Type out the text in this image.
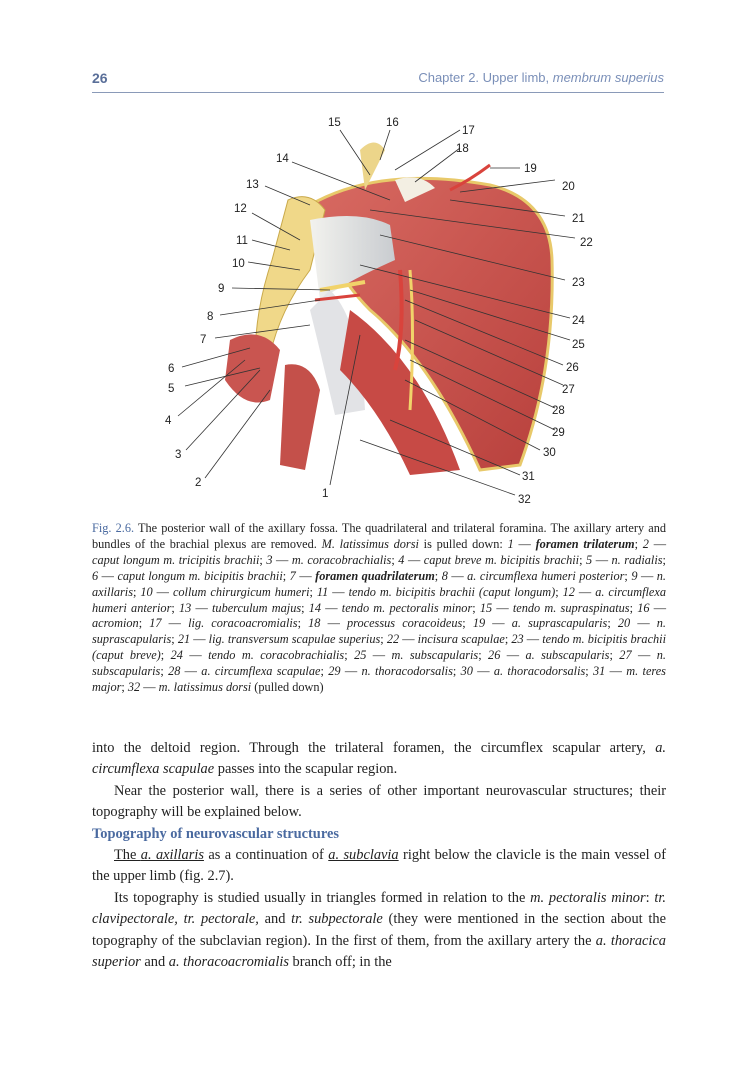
26	Chapter 2. Upper limb, membrum superius
1
2
3
4
5
6
7
8
9
10
11
12
13
14
15	16
17
18
19
20
21
22
23
24
25
26
27
28
29
30
31
32
Fig. 2.6. The posterior wall of the axillary fossa. The quadrilateral and trilateral foramina. The axillary artery and bundles of the brachial plexus are removed. M. latissimus dorsi is pulled down: 1 — foramen trilaterum; 2 — caput longum m. tricipitis brachii; 3 — m. coracobrachialis; 4 — caput breve m. bicipitis brachii; 5 — n. radialis; 6 — caput longum m. bicipitis brachii; 7 — foramen quadrilaterum; 8 — a. circumflexa humeri posterior; 9 — n. axillaris; 10 — collum chirurgicum humeri; 11 — tendo m. bicipitis brachii (caput longum); 12 — a. circumflexa humeri anterior; 13 — tuberculum majus; 14 — tendo m. pectoralis minor; 15 — tendo m. supraspinatus; 16 — acromion; 17 — lig. coracoacromialis; 18 — processus coracoideus; 19 — a. suprascapularis; 20 — n. suprascapularis; 21 — lig. transversum scapulae superius; 22 — incisura scapulae; 23 — tendo m. bicipitis brachii (caput breve); 24 — tendo m. coracobrachialis; 25 — m. subscapularis; 26 — a. subscapularis; 27 — n. subscapularis; 28 — a. circumflexa scapulae; 29 — n. thoracodorsalis; 30 — a. thoracodorsalis; 31 — m. teres major; 32 — m. latissimus dorsi (pulled down)

into the deltoid region. Through the trilateral foramen, the circumflex scapular artery, a. circumflexa scapulae passes into the scapular region.

Near the posterior wall, there is a series of other important neurovascular structures; their topography will be explained below.

Topography of neurovascular structures

The a. axillaris as a continuation of a. subclavia right below the clavicle is the main vessel of the upper limb (fig. 2.7).

Its topography is studied usually in triangles formed in relation to the m. pectoralis minor: tr. clavipectorale, tr. pectorale, and tr. subpectorale (they were mentioned in the section about the topography of the subclavian region). In the first of them, from the axillary artery the a. thoracica superior and a. thoracoacromialis branch off; in the
